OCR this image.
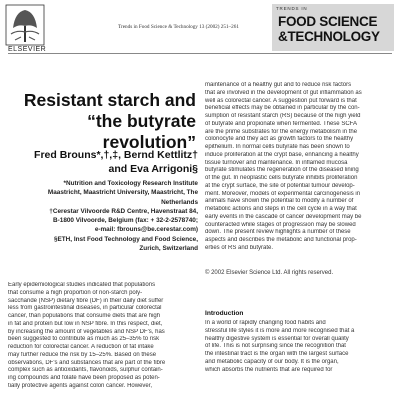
ELSEVIER
Trends in Food Science & Technology 13 (2002) 251–261
TRENDS IN
FOOD SCIENCE
&TECHNOLOGY
Resistant starch and
“the butyrate
revolution”
Fred Brouns*,†,‡, Bernd Kettlitz†
and Eva Arrigoni§
*Nutrition and Toxicology Research Institute
Maastricht, Maastricht University, Maastricht, The
Netherlands
†Cerestar Vilvoorde R&D Centre, Havenstraat 84,
B-1800 Vilvoorde, Belgium (fax: + 32-2-2578740;
e-mail: fbrouns@be.cerestar.com)
§ETH, Inst Food Technology and Food Science,
Zurich, Switzerland
Early epidemiological studies indicated that populations
that consume a high proportion of non-starch poly-
saccharide (NSP) dietary fibre (DF) in their daily diet suffer
less from gastrointestinal diseases, in particular colorectal
cancer, than populations that consume diets that are high
in fat and protein but low in NSP fibre. In this respect, diet,
by increasing the amount of vegetables and NSP DF's, has
been suggested to contribute as much as 25–35% to risk
reduction for colorectal cancer. A reduction of fat intake
may further reduce the risk by 15–25%. Based on these
observations, DF's and substances that are part of the fibre
complex such as antioxidants, flavonoids, sulphur contain-
ing compounds and folate have been proposed as poten-
tially protective agents against colon cancer. However,
maintenance of a healthy gut and to reduce risk factors
that are involved in the development of gut inflammation as
well as colorectal cancer. A suggestion put forward is that
beneficial effects may be obtained in particular by the con-
sumption of resistant starch (RS) because of the high yield
of butyrate and propionate when fermented. These SCFA
are the prime substrates for the energy metabolism in the
colonocyte and they act as growth factors to the healthy
epithelium. In normal cells butyrate has been shown to
induce proliferation at the crypt base, enhancing a healthy
tissue turnover and maintenance. In inflamed mucosa
butyrate stimulates the regeneration of the diseased lining
of the gut. In neoplastic cells butyrate inhibits proliferation
at the crypt surface, the site of potential tumour develop-
ment. Moreover, models of experimental carcinogenesis in
animals have shown the potential to modify a number of
metabolic actions and steps in the cell cycle in a way that
early events in the cascade of cancer development may be
counteracted while stages of progression may be slowed
down. The present review highlights a number of these
aspects and describes the metabolic and functional prop-
erties of RS and butyrate.
© 2002 Elsevier Science Ltd. All rights reserved.
Introduction
In a world of rapidly changing food habits and
stressful life styles it is more and more recognised that a
healthy digestive system is essential for overall quality
of life. This is not surprising since the recognition that
the intestinal tract is the organ with the largest surface
and metabolic capacity of our body. It is the organ,
which absorbs the nutrients that are required for
